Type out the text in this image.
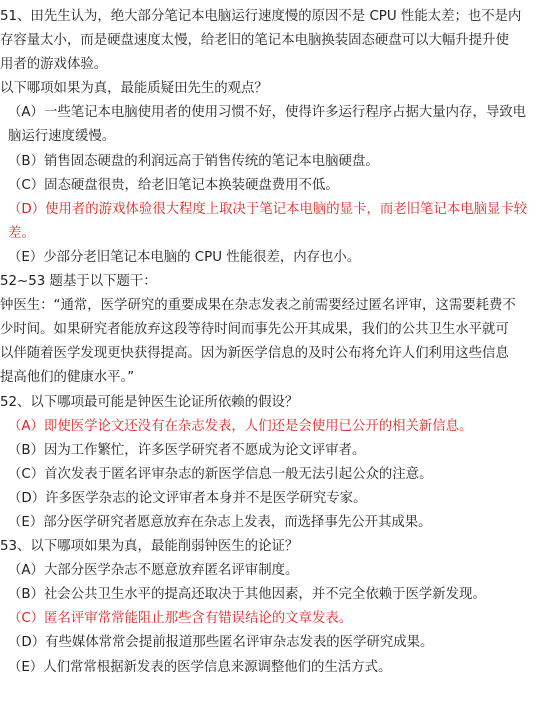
51、田先生认为，绝大部分笔记本电脑运行速度慢的原因不是 CPU 性能太差；也不是内
存容量太小，而是硬盘速度太慢，给老旧的笔记本电脑换装固态硬盘可以大幅升提升使
用者的游戏体验。
以下哪项如果为真，最能质疑田先生的观点？
（A）一些笔记本电脑使用者的使用习惯不好，使得许多运行程序占据大量内存，导致电
脑运行速度缓慢。
（B）销售固态硬盘的利润远高于销售传统的笔记本电脑硬盘。
（C）固态硬盘很贵，给老旧笔记本换装硬盘费用不低。
（D）使用者的游戏体验很大程度上取决于笔记本电脑的显卡，而老旧笔记本电脑显卡较
差。
（E）少部分老旧笔记本电脑的 CPU 性能很差，内存也小。
52~53 题基于以下题干：
钟医生：“通常，医学研究的重要成果在杂志发表之前需要经过匿名评审，这需要耗费不
少时间。如果研究者能放弃这段等待时间而事先公开其成果，我们的公共卫生水平就可
以伴随着医学发现更快获得提高。因为新医学信息的及时公布将允许人们利用这些信息
提高他们的健康水平。”
52、以下哪项最可能是钟医生论证所依赖的假设？
（A）即使医学论文还没有在杂志发表，人们还是会使用已公开的相关新信息。
（B）因为工作繁忙，许多医学研究者不愿成为论文评审者。
（C）首次发表于匿名评审杂志的新医学信息一般无法引起公众的注意。
（D）许多医学杂志的论文评审者本身并不是医学研究专家。
（E）部分医学研究者愿意放弃在杂志上发表，而选择事先公开其成果。
53、以下哪项如果为真，最能削弱钟医生的论证？
（A）大部分医学杂志不愿意放弃匿名评审制度。
（B）社会公共卫生水平的提高还取决于其他因素，并不完全依赖于医学新发现。
（C）匿名评审常常能阻止那些含有错误结论的文章发表。
（D）有些媒体常常会提前报道那些匿名评审杂志发表的医学研究成果。
（E）人们常常根据新发表的医学信息来源调整他们的生活方式。
